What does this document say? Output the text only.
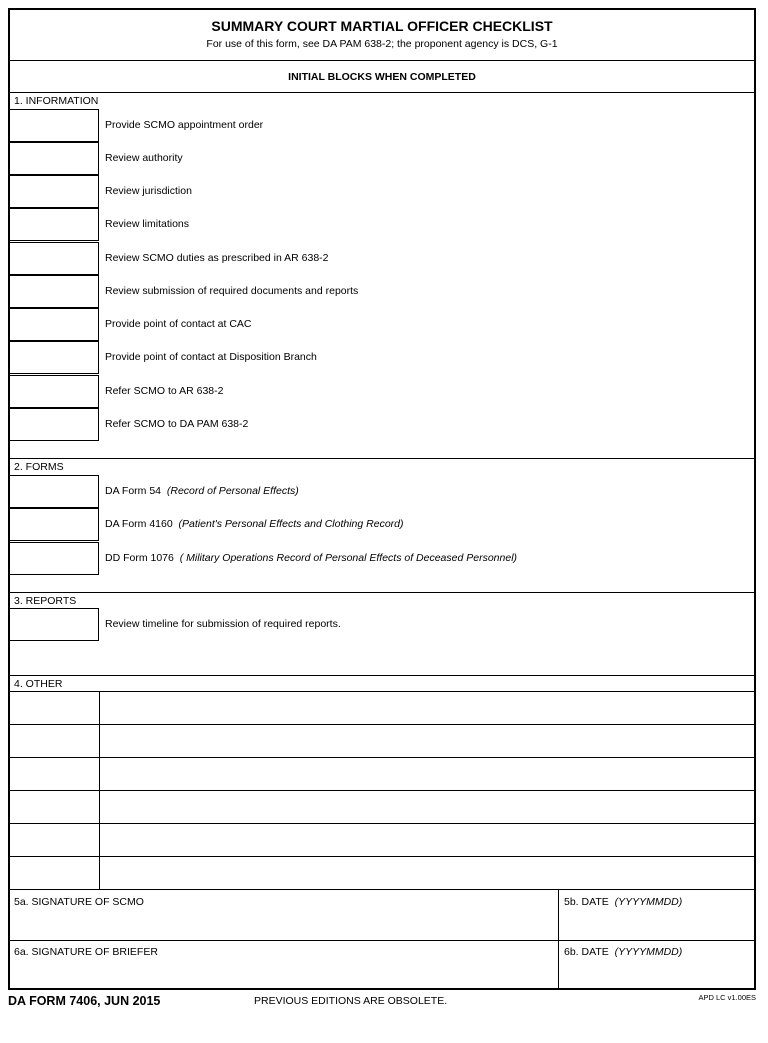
SUMMARY COURT MARTIAL OFFICER CHECKLIST
For use of this form, see DA PAM 638-2; the proponent agency is DCS, G-1
INITIAL BLOCKS WHEN COMPLETED
1. INFORMATION
Provide SCMO appointment order
Review authority
Review jurisdiction
Review limitations
Review SCMO duties as prescribed in AR 638-2
Review submission of required documents and reports
Provide point of contact at CAC
Provide point of contact at Disposition Branch
Refer SCMO to AR 638-2
Refer SCMO to DA PAM 638-2
2. FORMS
DA Form 54 (Record of Personal Effects)
DA Form 4160 (Patient's Personal Effects and Clothing Record)
DD Form 1076 ( Military Operations Record of Personal Effects of Deceased Personnel)
3. REPORTS
Review timeline for submission of required reports.
4. OTHER
5a. SIGNATURE OF SCMO	5b. DATE (YYYYMMDD)
6a. SIGNATURE OF BRIEFER	6b. DATE (YYYYMMDD)
DA FORM 7406, JUN 2015	PREVIOUS EDITIONS ARE OBSOLETE.	APD LC v1.00ES
